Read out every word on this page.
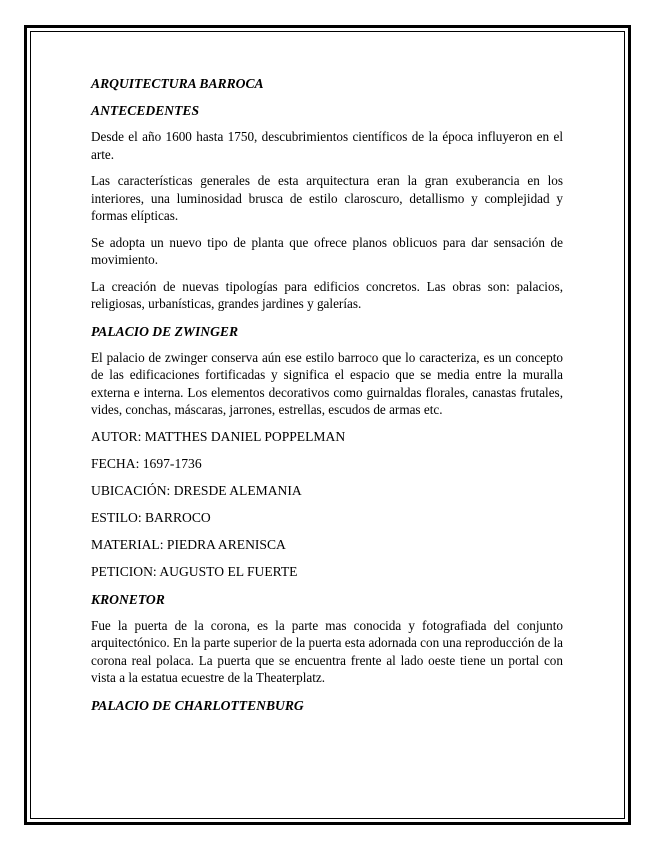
ARQUITECTURA BARROCA
ANTECEDENTES

Desde el año 1600 hasta 1750, descubrimientos científicos de la época influyeron en el arte.

Las características generales de esta arquitectura eran la gran exuberancia en los interiores, una luminosidad brusca de estilo claroscuro, detallismo y complejidad y formas elípticas.

Se adopta un nuevo tipo de planta que ofrece planos oblicuos para dar sensación de movimiento.

La creación de nuevas tipologías para edificios concretos. Las obras son: palacios, religiosas, urbanísticas, grandes jardines y galerías.

PALACIO DE ZWINGER

El palacio de zwinger conserva aún ese estilo barroco que lo caracteriza, es un concepto de las edificaciones fortificadas y significa el espacio que se media entre la muralla externa e interna. Los elementos decorativos como guirnaldas florales, canastas frutales, vides, conchas, máscaras, jarrones, estrellas, escudos de armas etc.

AUTOR: MATTHES DANIEL POPPELMAN
FECHA: 1697-1736
UBICACIÓN: DRESDE ALEMANIA
ESTILO: BARROCO
MATERIAL: PIEDRA ARENISCA
PETICION: AUGUSTO EL FUERTE
KRONETOR

Fue la puerta de la corona, es la parte mas conocida y fotografiada del conjunto arquitectónico. En la parte superior de la puerta esta adornada con una reproducción de la corona real polaca. La puerta que se encuentra frente al lado oeste tiene un portal con vista a la estatua ecuestre de la Theaterplatz.

PALACIO DE CHARLOTTENBURG
